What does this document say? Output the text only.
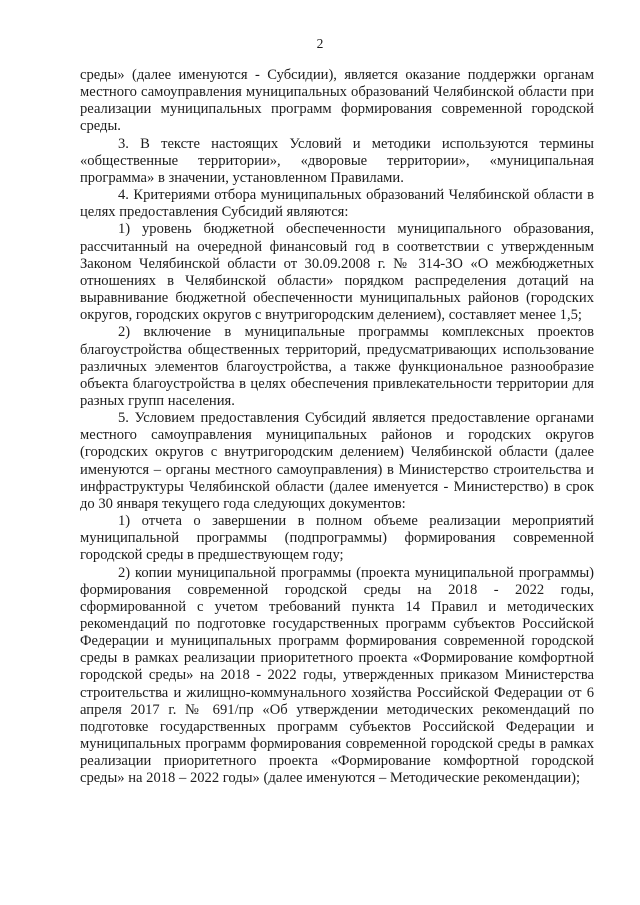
2

среды» (далее именуются - Субсидии), является оказание поддержки органам местного самоуправления муниципальных образований Челябинской области при реализации муниципальных программ формирования современной городской среды.

3. В тексте настоящих Условий и методики используются термины «общественные территории», «дворовые территории», «муниципальная программа» в значении, установленном Правилами.

4. Критериями отбора муниципальных образований Челябинской области в целях предоставления Субсидий являются:

1) уровень бюджетной обеспеченности муниципального образования, рассчитанный на очередной финансовый год в соответствии с утвержденным Законом Челябинской области от 30.09.2008 г. № 314-ЗО «О межбюджетных отношениях в Челябинской области» порядком распределения дотаций на выравнивание бюджетной обеспеченности муниципальных районов (городских округов, городских округов с внутригородским делением), составляет менее 1,5;

2) включение в муниципальные программы комплексных проектов благоустройства общественных территорий, предусматривающих использование различных элементов благоустройства, а также функциональное разнообразие объекта благоустройства в целях обеспечения привлекательности территории для разных групп населения.

5. Условием предоставления Субсидий является предоставление органами местного самоуправления муниципальных районов и городских округов (городских округов с внутригородским делением) Челябинской области (далее именуются – органы местного самоуправления) в Министерство строительства и инфраструктуры Челябинской области (далее именуется - Министерство) в срок до 30 января текущего года следующих документов:

1) отчета о завершении в полном объеме реализации мероприятий муниципальной программы (подпрограммы) формирования современной городской среды в предшествующем году;

2) копии муниципальной программы (проекта муниципальной программы) формирования современной городской среды на 2018 - 2022 годы, сформированной с учетом требований пункта 14 Правил и методических рекомендаций по подготовке государственных программ субъектов Российской Федерации и муниципальных программ формирования современной городской среды в рамках реализации приоритетного проекта «Формирование комфортной городской среды» на 2018 - 2022 годы, утвержденных приказом Министерства строительства и жилищно-коммунального хозяйства Российской Федерации от 6 апреля 2017 г. № 691/пр «Об утверждении методических рекомендаций по подготовке государственных программ субъектов Российской Федерации и муниципальных программ формирования современной городской среды в рамках реализации приоритетного проекта «Формирование комфортной городской среды» на 2018 – 2022 годы» (далее именуются – Методические рекомендации);
